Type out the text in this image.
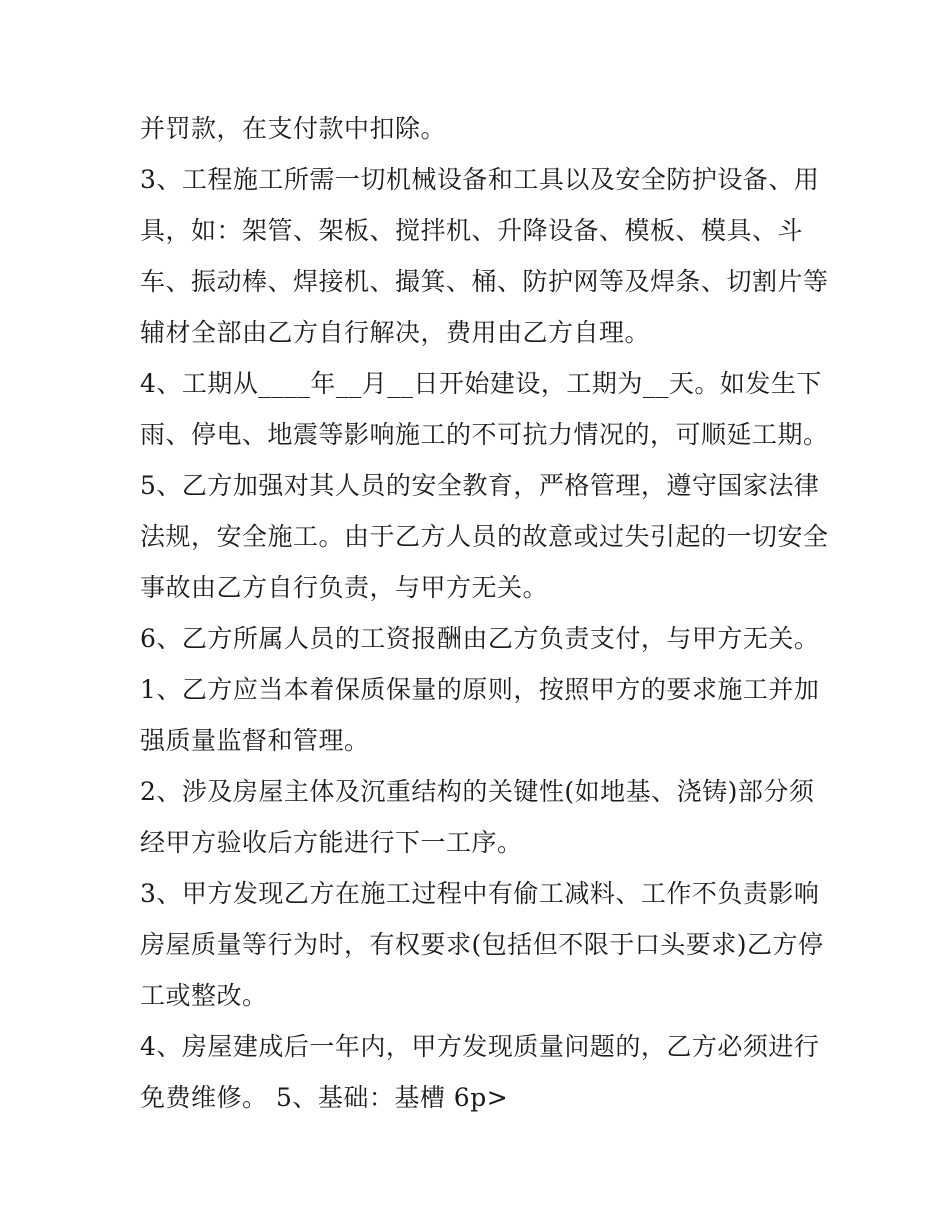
并罚款，在支付款中扣除。
3、工程施工所需一切机械设备和工具以及安全防护设备、用
具，如：架管、架板、搅拌机、升降设备、模板、模具、斗
车、振动棒、焊接机、撮箕、桶、防护网等及焊条、切割片等
辅材全部由乙方自行解决，费用由乙方自理。
4、工期从____年__月__日开始建设，工期为__天。如发生下
雨、停电、地震等影响施工的不可抗力情况的，可顺延工期。
5、乙方加强对其人员的安全教育，严格管理，遵守国家法律
法规，安全施工。由于乙方人员的故意或过失引起的一切安全
事故由乙方自行负责，与甲方无关。
6、乙方所属人员的工资报酬由乙方负责支付，与甲方无关。
1、乙方应当本着保质保量的原则，按照甲方的要求施工并加
强质量监督和管理。
2、涉及房屋主体及沉重结构的关键性(如地基、浇铸)部分须
经甲方验收后方能进行下一工序。
3、甲方发现乙方在施工过程中有偷工减料、工作不负责影响
房屋质量等行为时，有权要求(包括但不限于口头要求)乙方停
工或整改。
4、房屋建成后一年内，甲方发现质量问题的，乙方必须进行
免费维修。 5、基础：基槽 6p>
